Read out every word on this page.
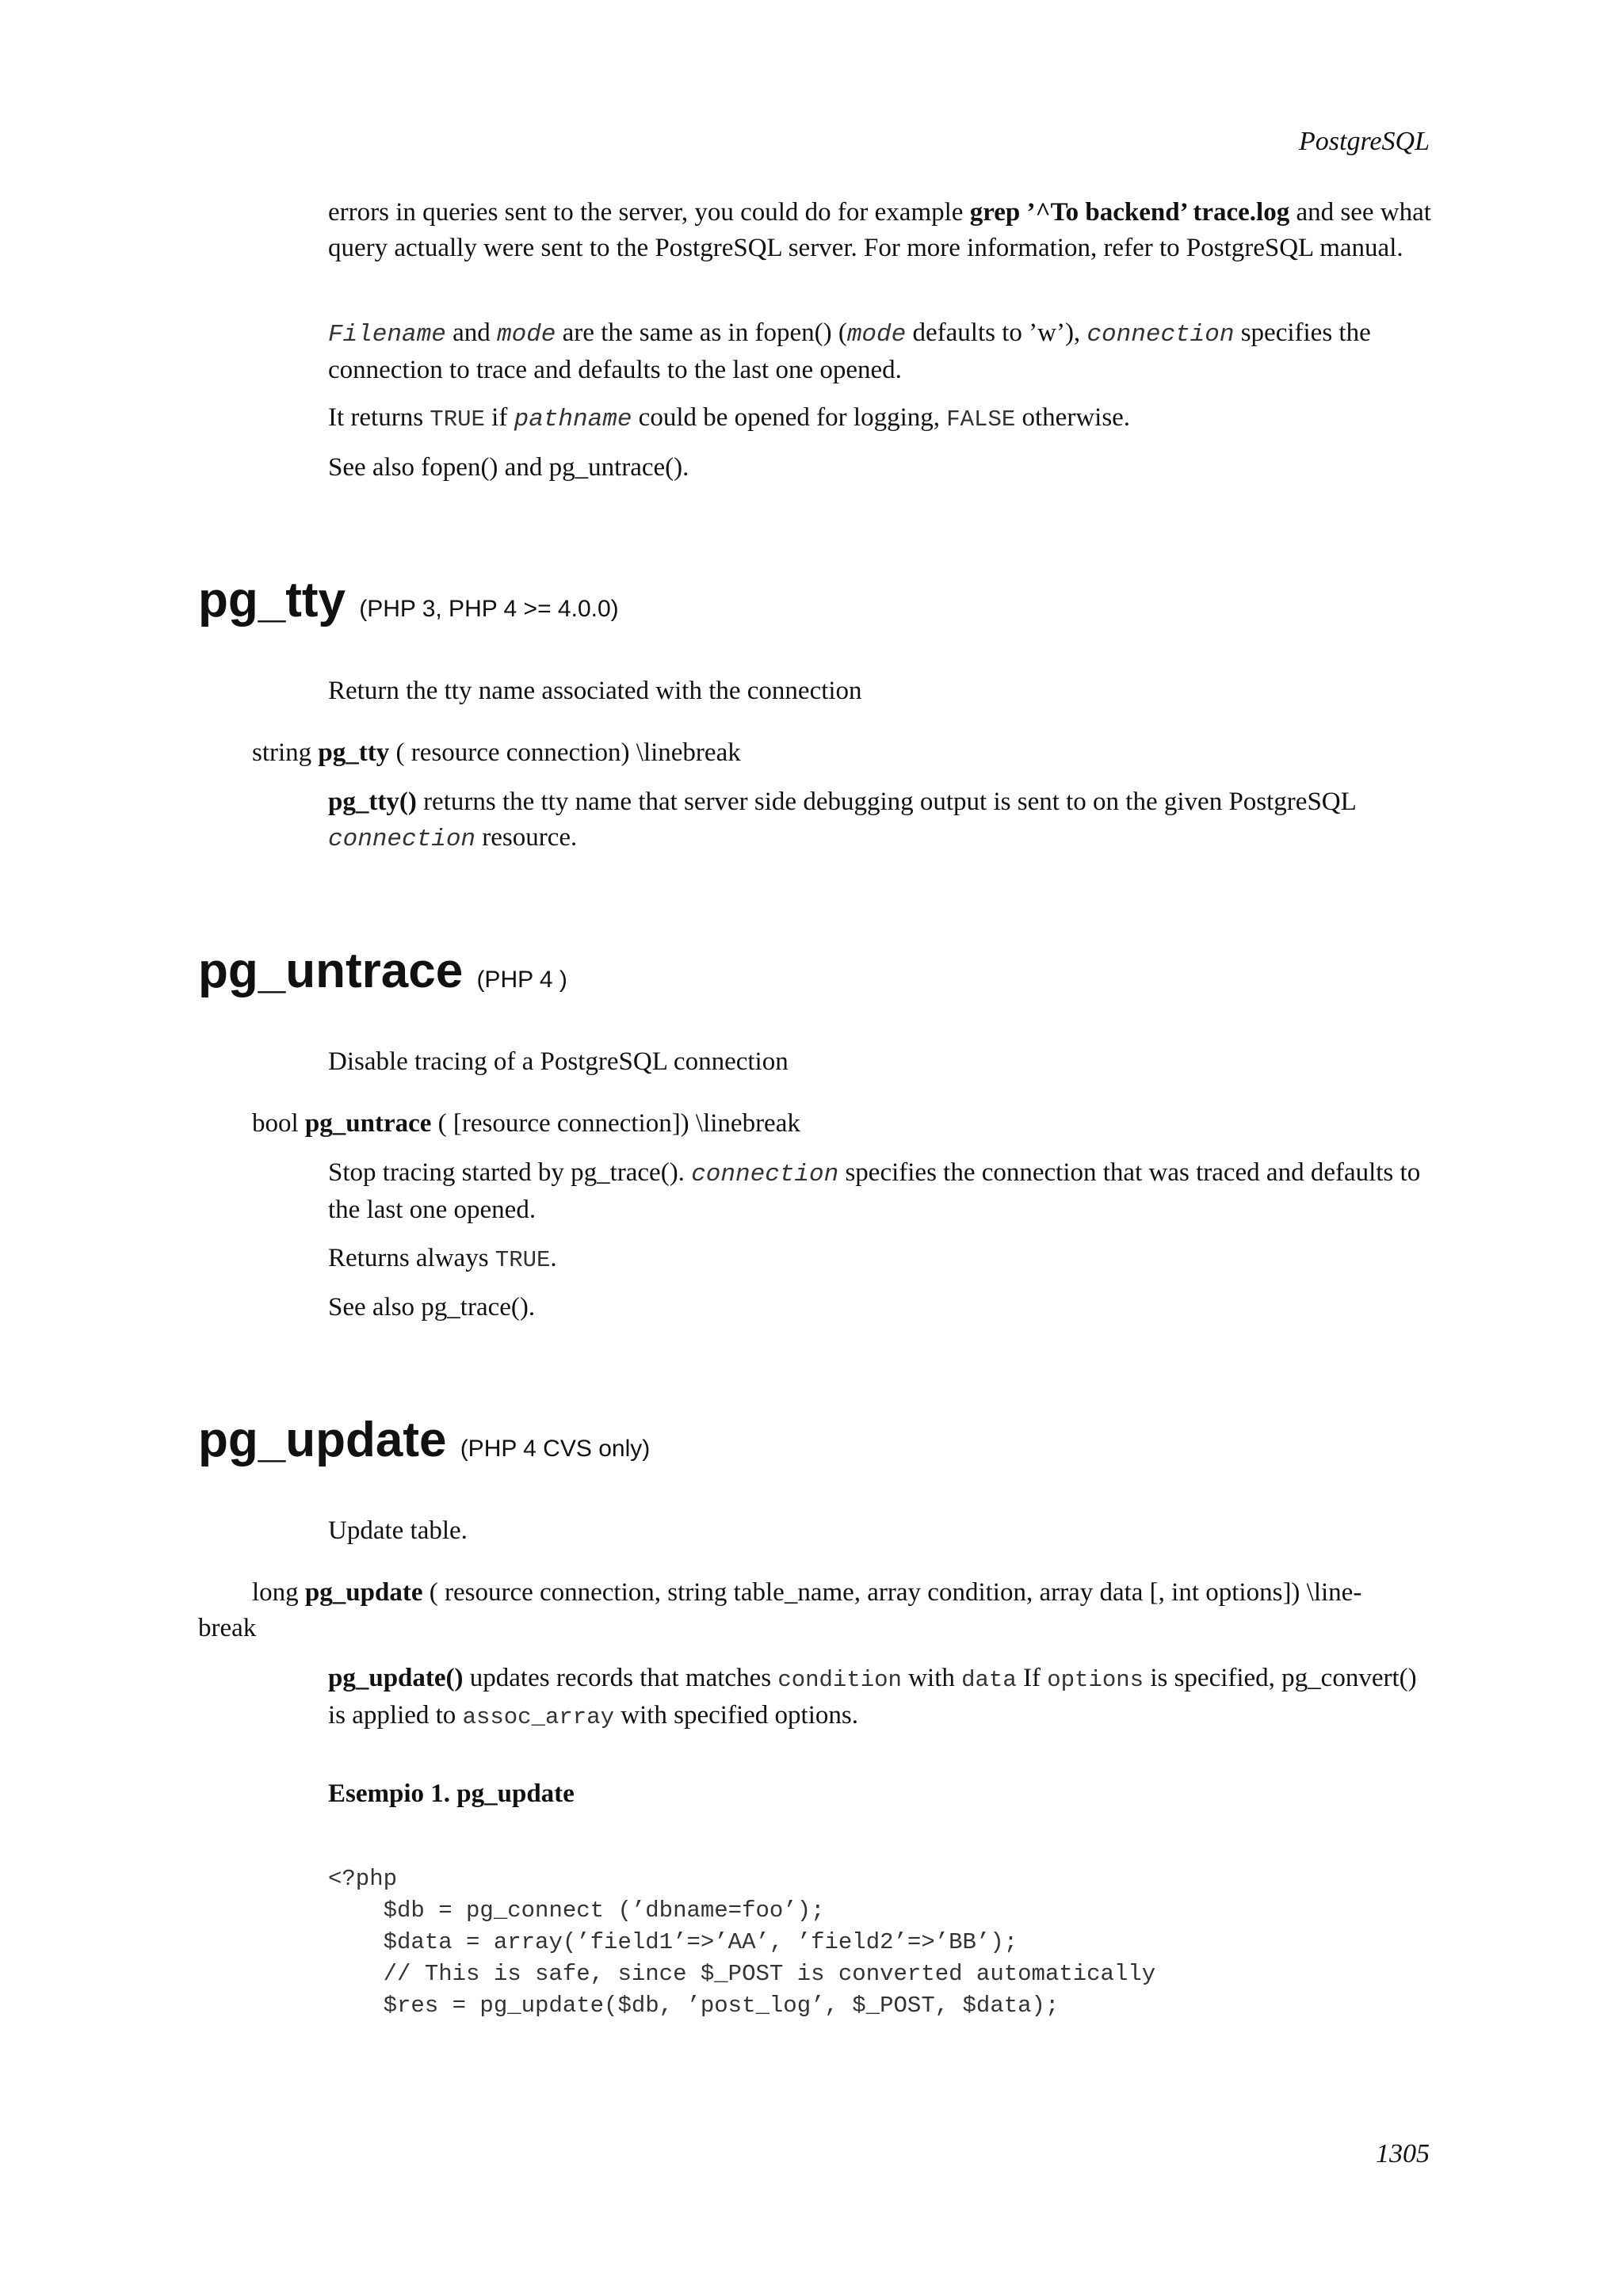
PostgreSQL

errors in queries sent to the server, you could do for example grep ’^To backend’ trace.log and see what query actually were sent to the PostgreSQL server. For more information, refer to PostgreSQL manual.

Filename and mode are the same as in fopen() (mode defaults to ’w’), connection specifies the connection to trace and defaults to the last one opened.

It returns TRUE if pathname could be opened for logging, FALSE otherwise.

See also fopen() and pg_untrace().

pg_tty (PHP 3, PHP 4 >= 4.0.0)

Return the tty name associated with the connection

string pg_tty ( resource connection) \linebreak

pg_tty() returns the tty name that server side debugging output is sent to on the given PostgreSQL connection resource.

pg_untrace (PHP 4 )

Disable tracing of a PostgreSQL connection

bool pg_untrace ( [resource connection]) \linebreak

Stop tracing started by pg_trace(). connection specifies the connection that was traced and defaults to the last one opened.

Returns always TRUE.

See also pg_trace().

pg_update (PHP 4 CVS only)

Update table.

long pg_update ( resource connection, string table_name, array condition, array data [, int options]) \line-

break

pg_update() updates records that matches condition with data If options is specified, pg_convert() is applied to assoc_array with specified options.

Esempio 1. pg_update

<?php
$db = pg_connect (’dbname=foo’);
$data = array(’field1’=>’AA’, ’field2’=>’BB’);
// This is safe, since $_POST is converted automatically
$res = pg_update($db, ’post_log’, $_POST, $data);
1305
